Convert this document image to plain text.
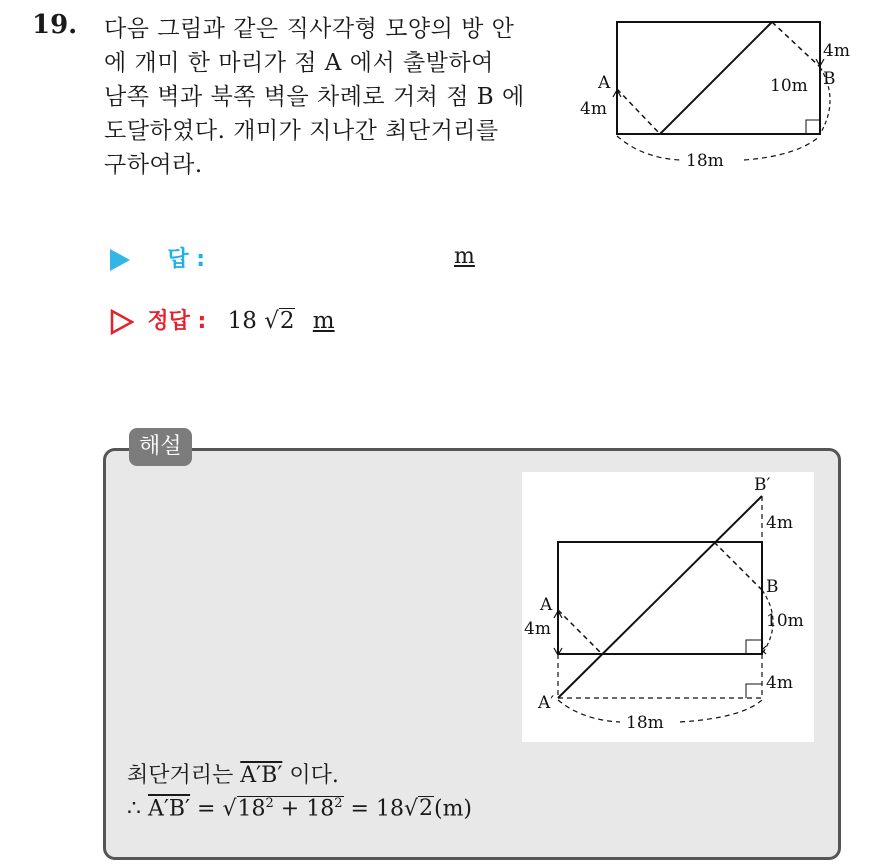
19. 다음 그림과 같은 직사각형 모양의 방 안
에 개미 한 마리가 점 A 에서 출발하여
남쪽 벽과 북쪽 벽을 차례로 거쳐 점 B 에
도달하였다. 개미가 지나간 최단거리를
구하여라.
A
4m
4m
B
10m
18m
답 :	m
정답 : 18 √2 m
해설
B′
4m
B
10m
A
4m
A′
4m
18m
최단거리는 A′B′ 이다.
∴ $A'B' = √18^2 + 18^2 = 18√2(m)$
